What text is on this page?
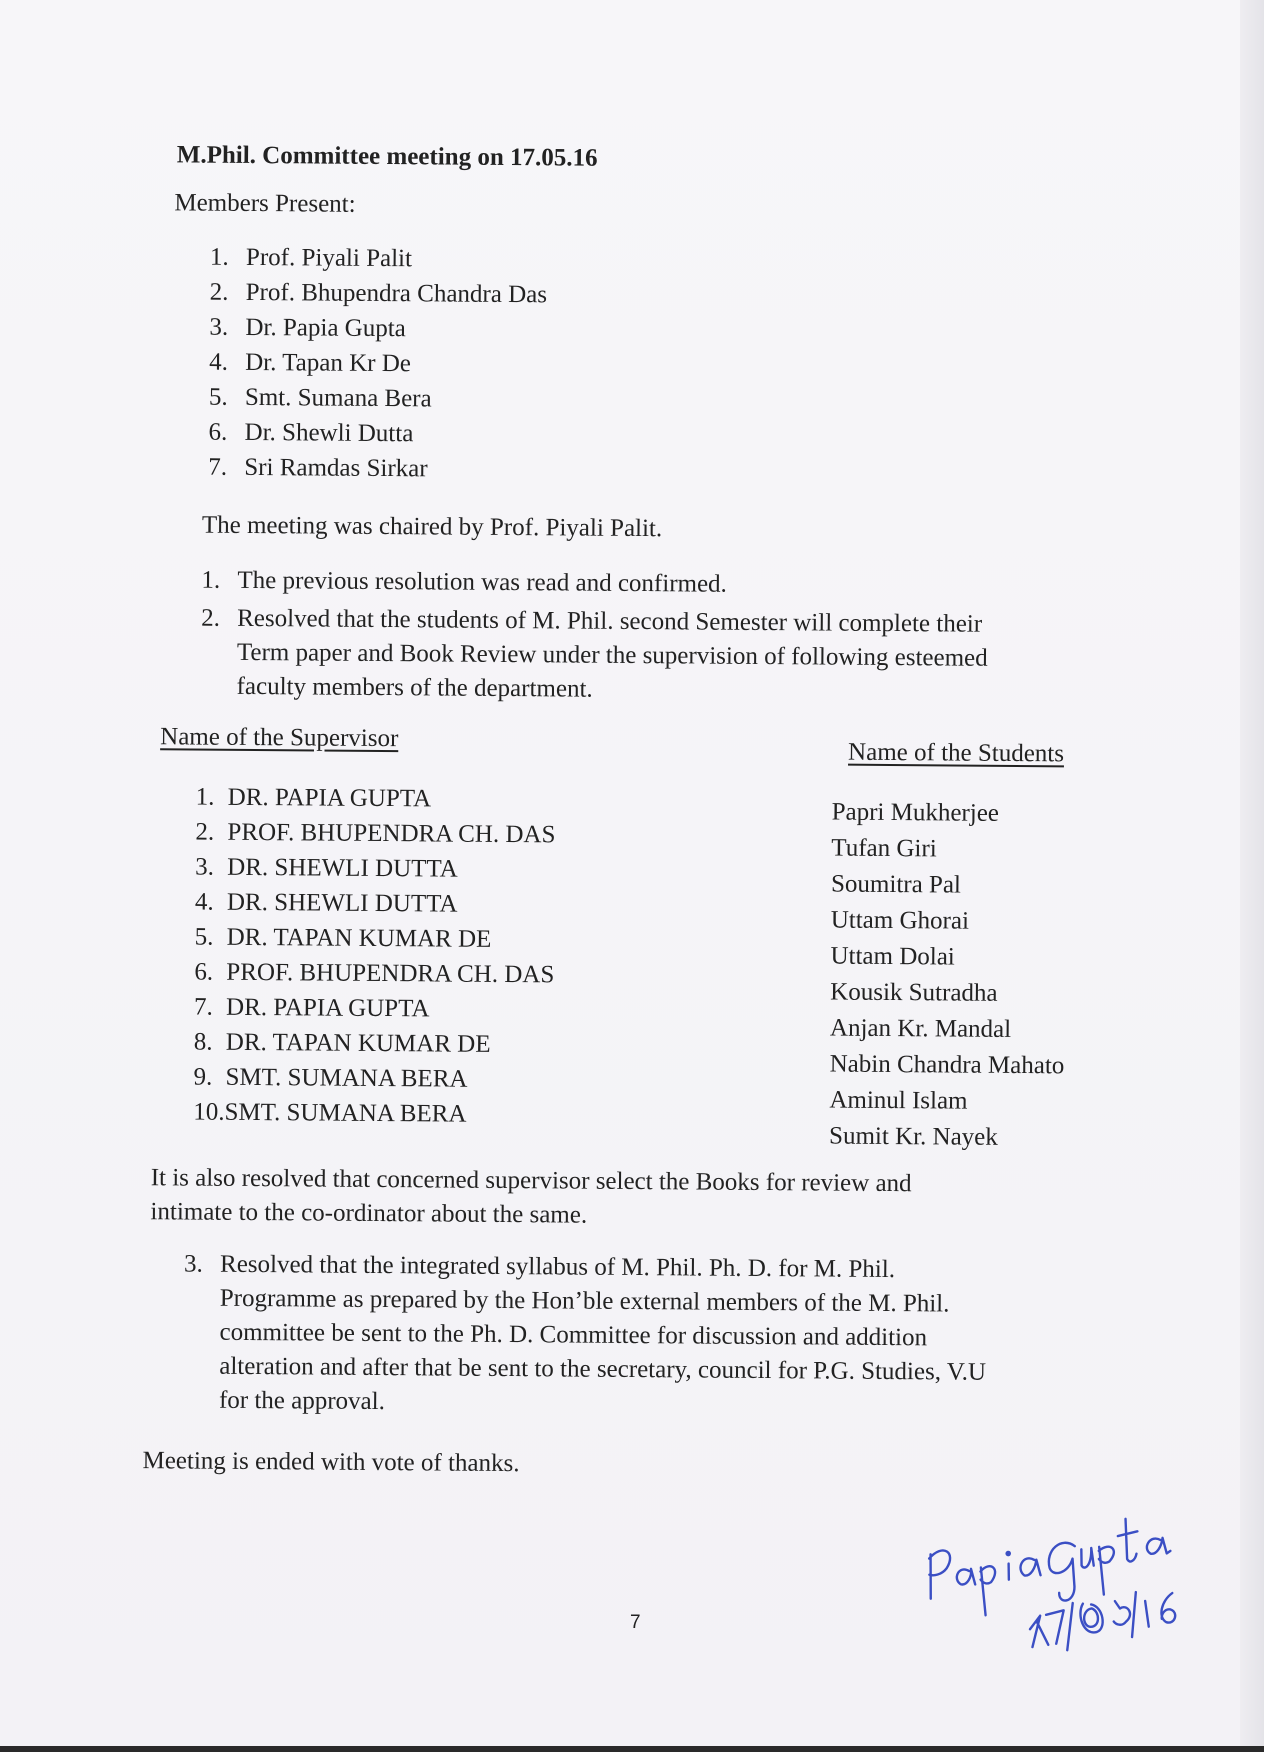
M.Phil. Committee meeting on 17.05.16
Members Present:
1. Prof. Piyali Palit
2. Prof. Bhupendra Chandra Das
3. Dr. Papia Gupta
4. Dr. Tapan Kr De
5. Smt. Sumana Bera
6. Dr. Shewli Dutta
7. Sri Ramdas Sirkar
The meeting was chaired by Prof. Piyali Palit.
1. The previous resolution was read and confirmed.
2. Resolved that the students of M. Phil. second Semester will complete their
Term paper and Book Review under the supervision of following esteemed
faculty members of the department.
Name of the Supervisor
Name of the Students
1. DR. PAPIA GUPTA
2. PROF. BHUPENDRA CH. DAS
3. DR. SHEWLI DUTTA
4. DR. SHEWLI DUTTA
5. DR. TAPAN KUMAR DE
6. PROF. BHUPENDRA CH. DAS
7. DR. PAPIA GUPTA
8. DR. TAPAN KUMAR DE
9. SMT. SUMANA BERA
10.SMT. SUMANA BERA
Papri Mukherjee
Tufan Giri
Soumitra Pal
Uttam Ghorai
Uttam Dolai
Kousik Sutradha
Anjan Kr. Mandal
Nabin Chandra Mahato
Aminul Islam
Sumit Kr. Nayek
It is also resolved that concerned supervisor select the Books for review and
intimate to the co-ordinator about the same.
3. Resolved that the integrated syllabus of M. Phil. Ph. D. for M. Phil.
Programme as prepared by the Hon’ble external members of the M. Phil.
committee be sent to the Ph. D. Committee for discussion and addition
alteration and after that be sent to the secretary, council for P.G. Studies, V.U
for the approval.
Meeting is ended with vote of thanks.
7
